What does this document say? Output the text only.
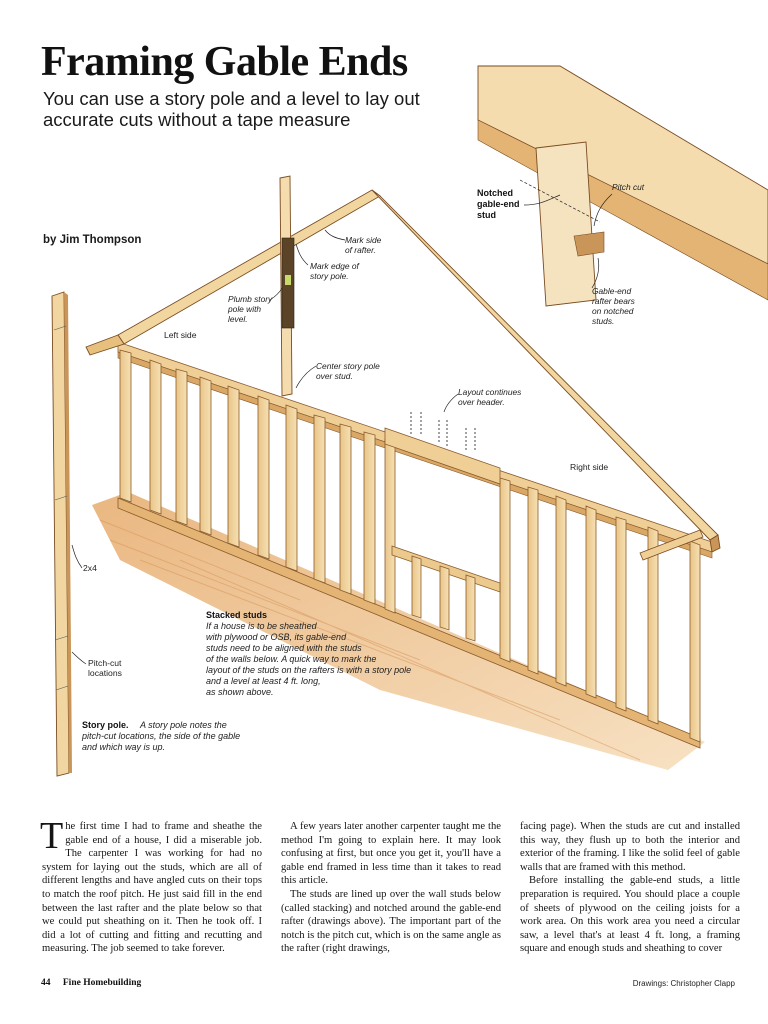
Framing Gable Ends

You can use a story pole and a level to lay out accurate cuts without a tape measure

by Jim Thompson
Notched
gable-end
stud
Pitch cut
Gable-end
rafter bears
on notched
studs.
Mark side
of rafter.
Mark edge of
story pole.
Plumb story
pole with
level.
Left side
Center story pole
over stud.
Layout continues
over header.
Right side
2x4
Pitch-cut
locations
Stacked studs
If a house is to be sheathed
with plywood or OSB, its gable-end
studs need to be aligned with the studs
of the walls below. A quick way to mark the
layout of the studs on the rafters is with a story pole
and a level at least 4 ft. long,
as shown above.
Story pole. A story pole notes the
pitch-cut locations, the side of the gable
and which way is up.

The first time I had to frame and sheathe the gable end of a house, I did a miserable job. The carpenter I was working for had no system for laying out the studs, which are all of different lengths and have angled cuts on their tops to match the roof pitch. He just said fill in the end between the last rafter and the plate below so that we could put sheathing on it. Then he took off. I did a lot of cutting and fitting and recutting and measuring. The job seemed to take forever.

A few years later another carpenter taught me the method I'm going to explain here. It may look confusing at first, but once you get it, you'll have a gable end framed in less time than it takes to read this article.

The studs are lined up over the wall studs below (called stacking) and notched around the gable-end rafter (drawings above). The important part of the notch is the pitch cut, which is on the same angle as the rafter (right drawings,

facing page). When the studs are cut and installed this way, they flush up to both the interior and exterior of the framing. I like the solid feel of gable walls that are framed with this method.

Before installing the gable-end studs, a little preparation is required. You should place a couple of sheets of plywood on the ceiling joists for a work area. On this work area you need a circular saw, a level that's at least 4 ft. long, a framing square and enough studs and sheathing to cover

44 Fine Homebuilding	Drawings: Christopher Clapp
